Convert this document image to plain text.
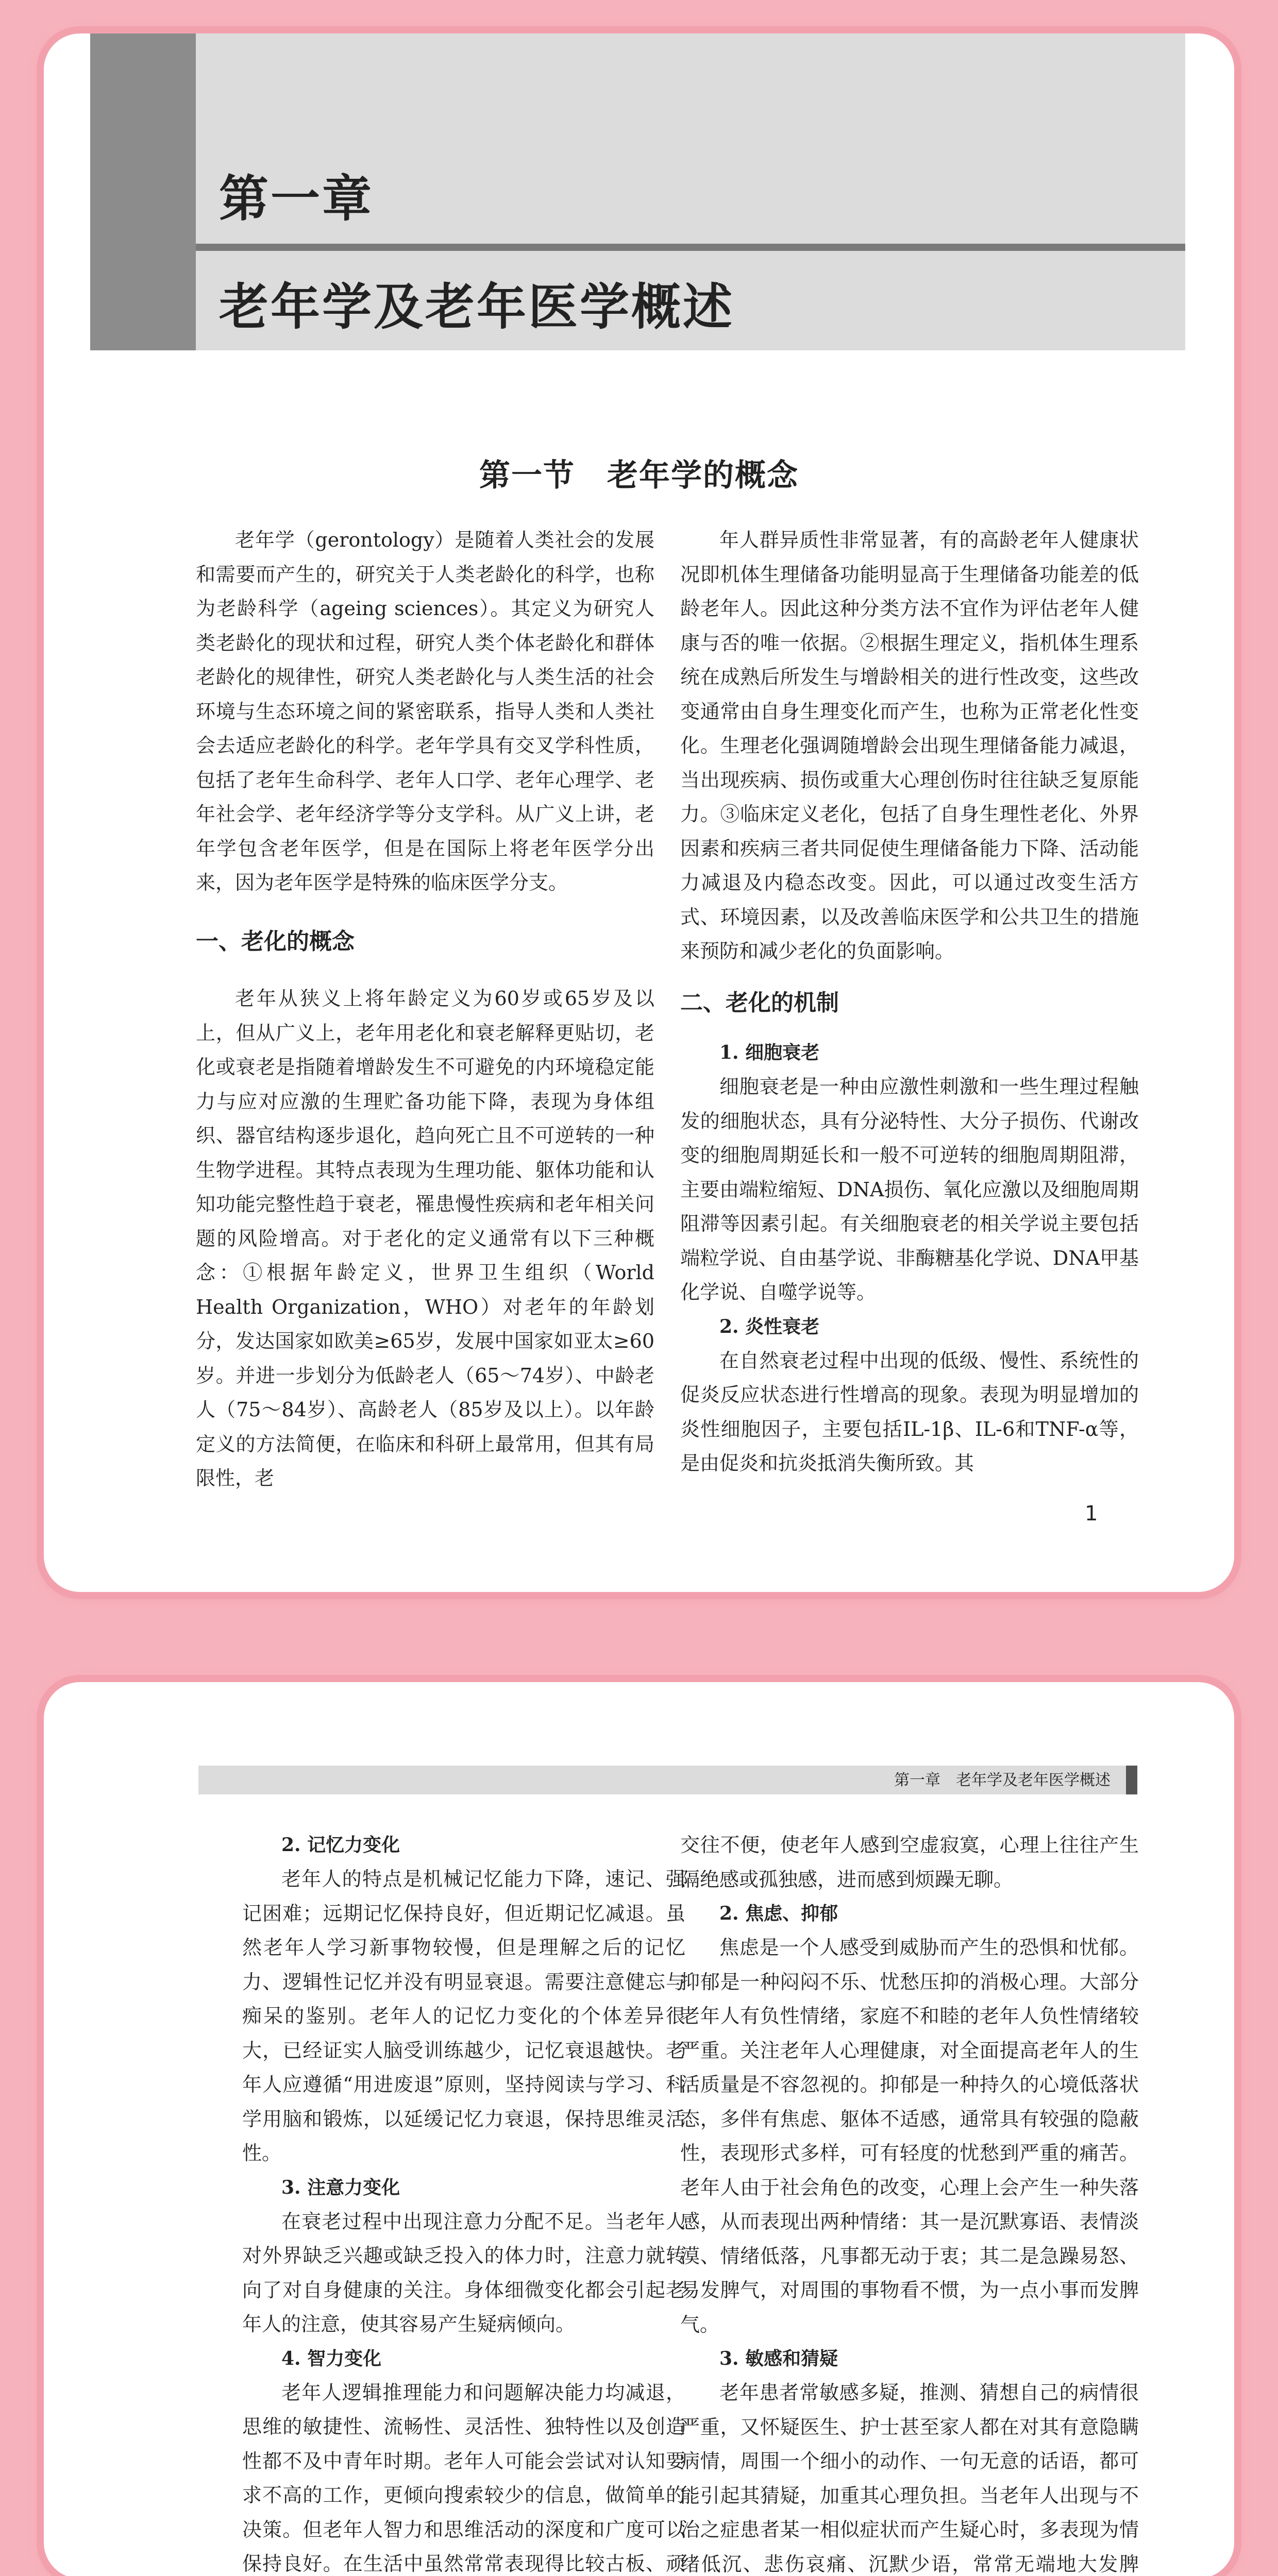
第一章
老年学及老年医学概述
第一节　老年学的概念

老年学（gerontology）是随着人类社会的发展和需要而产生的，研究关于人类老龄化的科学，也称为老龄科学（ageing sciences）。其定义为研究人类老龄化的现状和过程，研究人类个体老龄化和群体老龄化的规律性，研究人类老龄化与人类生活的社会环境与生态环境之间的紧密联系，指导人类和人类社会去适应老龄化的科学。老年学具有交叉学科性质，包括了老年生命科学、老年人口学、老年心理学、老年社会学、老年经济学等分支学科。从广义上讲，老年学包含老年医学，但是在国际上将老年医学分出来，因为老年医学是特殊的临床医学分支。

一、老化的概念

老年从狭义上将年龄定义为60岁或65岁及以上，但从广义上，老年用老化和衰老解释更贴切，老化或衰老是指随着增龄发生不可避免的内环境稳定能力与应对应激的生理贮备功能下降，表现为身体组织、器官结构逐步退化，趋向死亡且不可逆转的一种生物学进程。其特点表现为生理功能、躯体功能和认知功能完整性趋于衰老，罹患慢性疾病和老年相关问题的风险增高。对于老化的定义通常有以下三种概念：①根据年龄定义，世界卫生组织（World Health Organization，WHO）对老年的年龄划分，发达国家如欧美≥65岁，发展中国家如亚太≥60岁。并进一步划分为低龄老人（65～74岁）、中龄老人（75～84岁）、高龄老人（85岁及以上）。以年龄定义的方法简便，在临床和科研上最常用，但其有局限性，老

年人群异质性非常显著，有的高龄老年人健康状况即机体生理储备功能明显高于生理储备功能差的低龄老年人。因此这种分类方法不宜作为评估老年人健康与否的唯一依据。②根据生理定义，指机体生理系统在成熟后所发生与增龄相关的进行性改变，这些改变通常由自身生理变化而产生，也称为正常老化性变化。生理老化强调随增龄会出现生理储备能力减退，当出现疾病、损伤或重大心理创伤时往往缺乏复原能力。③临床定义老化，包括了自身生理性老化、外界因素和疾病三者共同促使生理储备能力下降、活动能力减退及内稳态改变。因此，可以通过改变生活方式、环境因素，以及改善临床医学和公共卫生的措施来预防和减少老化的负面影响。

二、老化的机制
1. 细胞衰老

细胞衰老是一种由应激性刺激和一些生理过程触发的细胞状态，具有分泌特性、大分子损伤、代谢改变的细胞周期延长和一般不可逆转的细胞周期阻滞，主要由端粒缩短、DNA损伤、氧化应激以及细胞周期阻滞等因素引起。有关细胞衰老的相关学说主要包括端粒学说、自由基学说、非酶糖基化学说、DNA甲基化学说、自噬学说等。

2. 炎性衰老

在自然衰老过程中出现的低级、慢性、系统性的促炎反应状态进行性增高的现象。表现为明显增加的炎性细胞因子，主要包括IL-1β、IL-6和TNF-α等，是由促炎和抗炎抵消失衡所致。其

1
第一章　老年学及老年医学概述
2. 记忆力变化

老年人的特点是机械记忆能力下降，速记、强记困难；远期记忆保持良好，但近期记忆减退。虽然老年人学习新事物较慢，但是理解之后的记忆力、逻辑性记忆并没有明显衰退。需要注意健忘与痴呆的鉴别。老年人的记忆力变化的个体差异很大，已经证实人脑受训练越少，记忆衰退越快。老年人应遵循“用进废退”原则，坚持阅读与学习、科学用脑和锻炼，以延缓记忆力衰退，保持思维灵活性。

3. 注意力变化

在衰老过程中出现注意力分配不足。当老年人对外界缺乏兴趣或缺乏投入的体力时，注意力就转向了对自身健康的关注。身体细微变化都会引起老年人的注意，使其容易产生疑病倾向。

4. 智力变化

老年人逻辑推理能力和问题解决能力均减退，思维的敏捷性、流畅性、灵活性、独特性以及创造性都不及中青年时期。老年人可能会尝试对认知要求不高的工作，更倾向搜索较少的信息，做简单的决策。但老年人智力和思维活动的深度和广度可以保持良好。在生活中虽然常常表现得比较古板、顽

交往不便，使老年人感到空虚寂寞，心理上往往产生隔绝感或孤独感，进而感到烦躁无聊。

2. 焦虑、抑郁

焦虑是一个人感受到威胁而产生的恐惧和忧郁。抑郁是一种闷闷不乐、忧愁压抑的消极心理。大部分老年人有负性情绪，家庭不和睦的老年人负性情绪较严重。关注老年人心理健康，对全面提高老年人的生活质量是不容忽视的。抑郁是一种持久的心境低落状态，多伴有焦虑、躯体不适感，通常具有较强的隐蔽性，表现形式多样，可有轻度的忧愁到严重的痛苦。老年人由于社会角色的改变，心理上会产生一种失落感，从而表现出两种情绪：其一是沉默寡语、表情淡漠、情绪低落，凡事都无动于衷；其二是急躁易怒、易发脾气，对周围的事物看不惯，为一点小事而发脾气。

3. 敏感和猜疑

老年患者常敏感多疑，推测、猜想自己的病情很严重，又怀疑医生、护士甚至家人都在对其有意隐瞒病情，周围一个细小的动作、一句无意的话语，都可能引起其猜疑，加重其心理负担。当老年人出现与不治之症患者某一相似症状而产生疑心时，多表现为情绪低沉、悲伤哀痛、沉默少语，常常无端地大发脾
